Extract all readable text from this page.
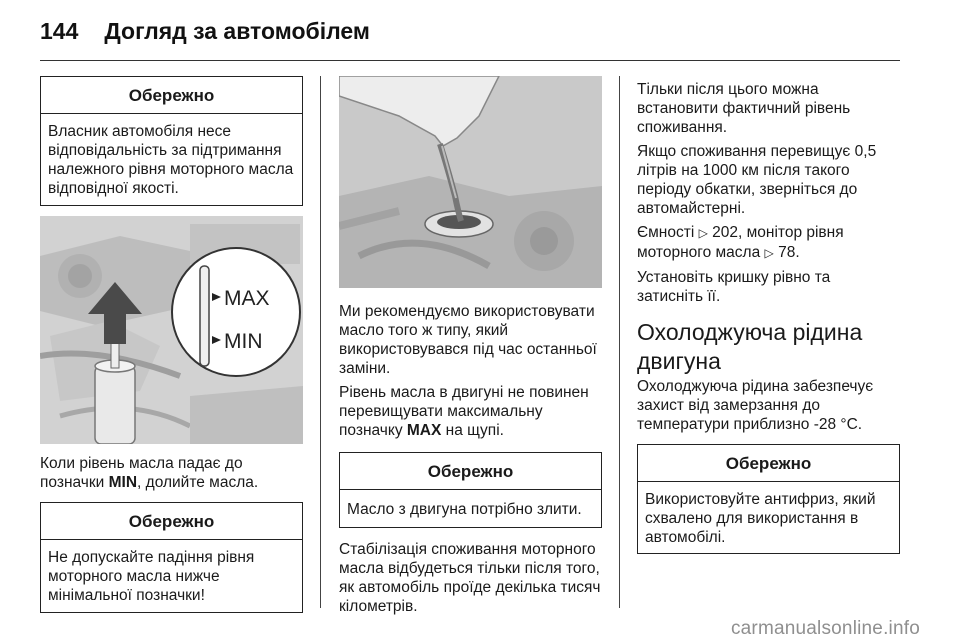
144 Догляд за автомобілем
Обережно
Власник автомобіля несе відповідальність за підтримання належного рівня моторного масла відповідної якості.
MAX
MIN

Коли рівень масла падає до позначки MIN, долийте масла.

Обережно
Не допускайте падіння рівня моторного масла нижче мінімальної позначки!

Ми рекомендуємо використовувати масло того ж типу, який використовувався під час останньої заміни.

Рівень масла в двигуні не повинен перевищувати максимальну позначку MAX на щупі.

Обережно
Масло з двигуна потрібно злити.

Стабілізація споживання моторного масла відбудеться тільки після того, як автомобіль проїде декілька тисяч кілометрів.

Тільки після цього можна встановити фактичний рівень споживання.

Якщо споживання перевищує 0,5 літрів на 1000 км після такого періоду обкатки, зверніться до автомайстерні.

Ємності ▷ 202, монітор рівня моторного масла ▷ 78.

Установіть кришку рівно та затисніть її.

Охолоджуюча рідина двигуна

Охолоджуюча рідина забезпечує захист від замерзання до температури приблизно -28 °C.

Обережно
Використовуйте антифриз, який схвалено для використання в автомобілі.
carmanualsonline.info
